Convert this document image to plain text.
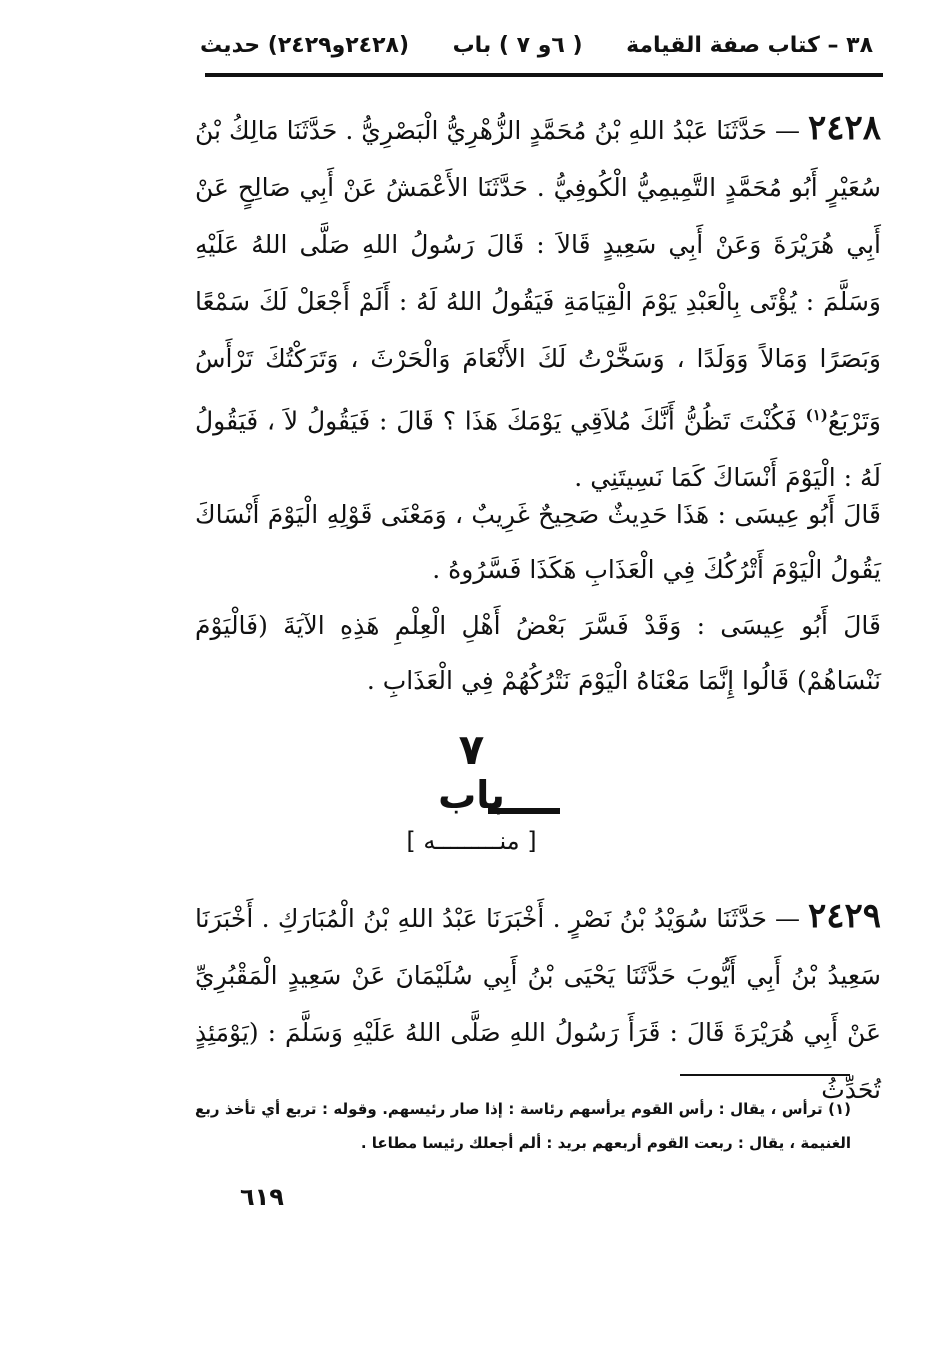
٣٨ – كتاب صفة القيامة
( ٦و ٧ ) باب
(٢٤٢٨و٢٤٢٩) حديث
٢٤٢٨—حَدَّثَنَا عَبْدُ اللهِ بْنُ مُحَمَّدٍ الزُّهْرِيُّ الْبَصْرِيُّ . حَدَّثَنَا مَالِكُ بْنُ سُعَيْرٍ أَبُو مُحَمَّدٍ التَّمِيمِيُّ الْكُوفِيُّ . حَدَّثَنَا الأَعْمَشُ عَنْ أَبِي صَالِحٍ عَنْ أَبِي هُرَيْرَةَ وَعَنْ أَبِي سَعِيدٍ قَالاَ : قَالَ رَسُولُ اللهِ صَلَّى اللهُ عَلَيْهِ وَسَلَّمَ : يُؤْتَى بِالْعَبْدِ يَوْمَ الْقِيَامَةِ فَيَقُولُ اللهُ لَهُ : أَلَمْ أَجْعَلْ لَكَ سَمْعًا وَبَصَرًا وَمَالاً وَوَلَدًا ، وَسَخَّرْتُ لَكَ الأَنْعَامَ وَالْحَرْثَ ، وَتَرَكْتُكَ تَرْأَسُ وَتَرْبَعُ$^{(١)}$ فَكُنْتَ تَظُنُّ أَنَّكَ مُلاَقِي يَوْمَكَ هَذَا ؟ قَالَ : فَيَقُولُ لاَ ، فَيَقُولُ لَهُ : الْيَوْمَ أَنْسَاكَ كَمَا نَسِيتَنِي .
قَالَ أَبُو عِيسَى : هَذَا حَدِيثٌ صَحِيحٌ غَرِيبٌ ، وَمَعْنَى قَوْلِهِ الْيَوْمَ أَنْسَاكَ يَقُولُ الْيَوْمَ أَتْرُكُكَ فِي الْعَذَابِ هَكَذَا فَسَّرُوهُ .
قَالَ أَبُو عِيسَى : وَقَدْ فَسَّرَ بَعْضُ أَهْلِ الْعِلْمِ هَذِهِ الآيَةَ (فَالْيَوْمَ نَنْسَاهُمْ) قَالُوا إِنَّمَا مَعْنَاهُ الْيَوْمَ نَتْرُكُهُمْ فِي الْعَذَابِ .
٧
باب
[ منـــــــــه ]
٢٤٢٩—حَدَّثَنَا سُوَيْدُ بْنُ نَصْرٍ . أَخْبَرَنَا عَبْدُ اللهِ بْنُ الْمُبَارَكِ . أَخْبَرَنَا سَعِيدُ بْنُ أَبِي أَيُّوبَ حَدَّثَنَا يَحْيَى بْنُ أَبِي سُلَيْمَانَ عَنْ سَعِيدٍ الْمَقْبُرِيِّ عَنْ أَبِي هُرَيْرَةَ قَالَ : قَرَأَ رَسُولُ اللهِ صَلَّى اللهُ عَلَيْهِ وَسَلَّمَ : (يَوْمَئِذٍ تُحَدِّثُ
(١) ترأس ، يقال : رأس القوم يرأسهم رئاسة : إذا صار رئيسهم. وقوله : تربع أي تأخذ ربع الغنيمة ، يقال : ربعت القوم أربعهم بريد : ألم أجعلك رئيسا مطاعا .
٦١٩
